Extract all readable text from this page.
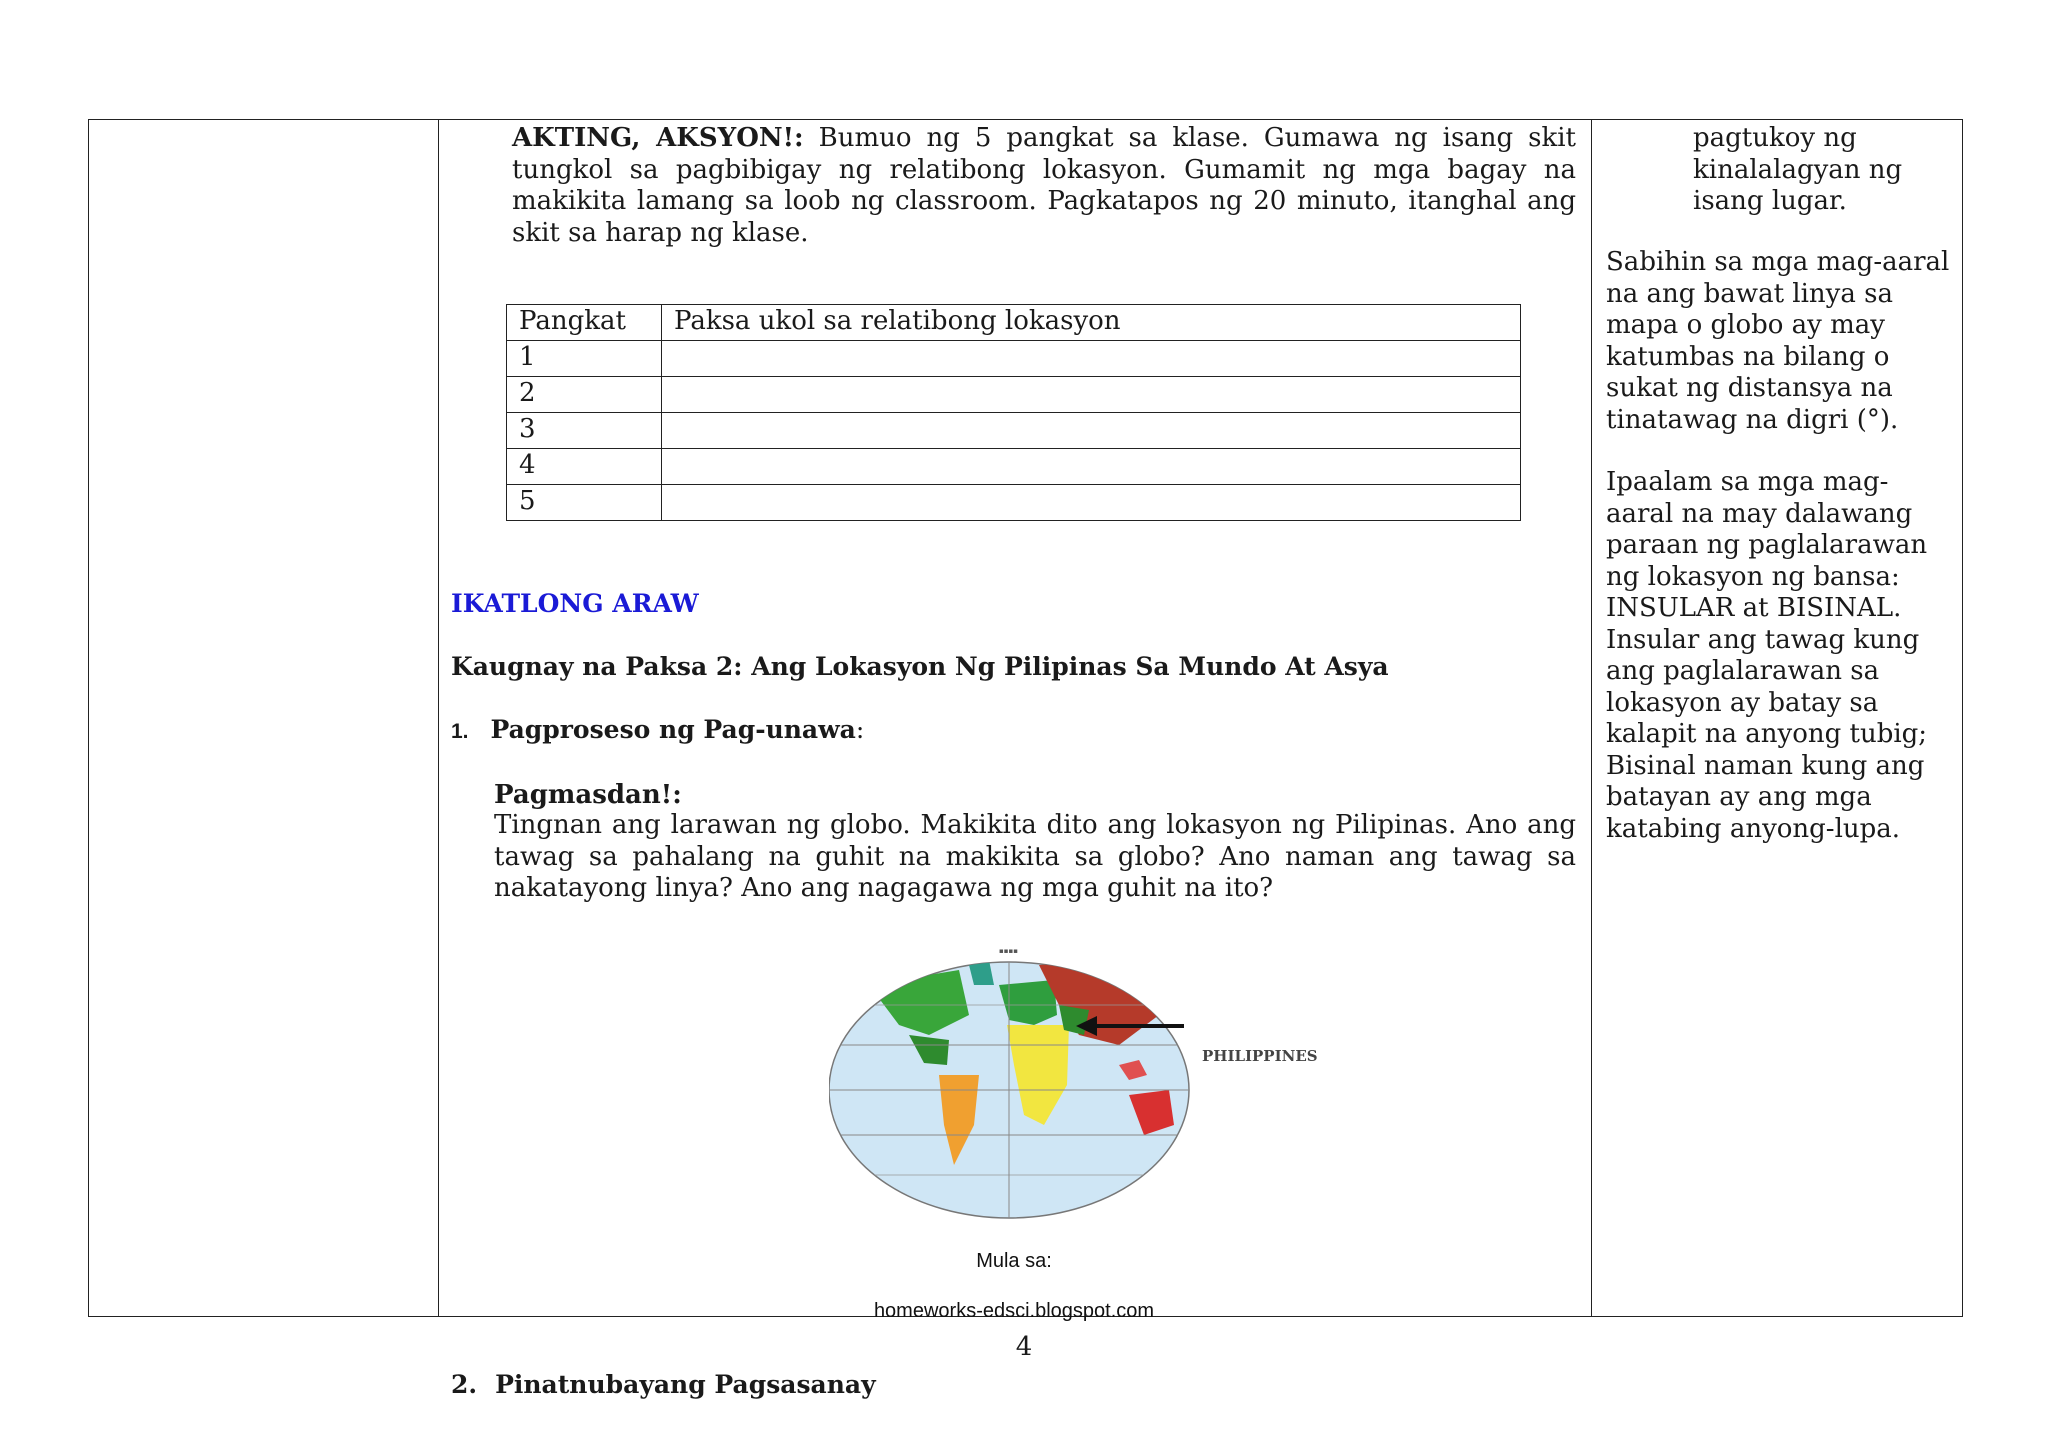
AKTING, AKSYON!: Bumuo ng 5 pangkat sa klase. Gumawa ng isang skit tungkol sa pagbibigay ng relatibong lokasyon. Gumamit ng mga bagay na makikita lamang sa loob ng classroom. Pagkatapos ng 20 minuto, itanghal ang skit sa harap ng klase.
Pangkat	Paksa ukol sa relatibong lokasyon
1	
2	
3	
4	
5	
IKATLONG ARAW
Kaugnay na Paksa 2: Ang Lokasyon Ng Pilipinas Sa Mundo At Asya
1. Pagproseso ng Pag-unawa:
Pagmasdan!:
Tingnan ang larawan ng globo. Makikita dito ang lokasyon ng Pilipinas. Ano ang tawag sa pahalang na guhit na makikita sa globo? Ano naman ang tawag sa nakatayong linya? Ano ang nagagawa ng mga guhit na ito?
▪▪▪▪
PHILIPPINES
Mula sa:
homeworks-edsci.blogspot.com
2. Pinatnubayang Pagsasanay
pagtukoy ng
kinalalagyan ng
isang lugar.
Sabihin sa mga mag-aaral
na ang bawat linya sa
mapa o globo ay may
katumbas na bilang o
sukat ng distansya na
tinatawag na digri (°).
Ipaalam sa mga mag-
aaral na may dalawang
paraan ng paglalarawan
ng lokasyon ng bansa:
INSULAR at BISINAL.
Insular ang tawag kung
ang paglalarawan sa
lokasyon ay batay sa
kalapit na anyong tubig;
Bisinal naman kung ang
batayan ay ang mga
katabing anyong-lupa.
4
